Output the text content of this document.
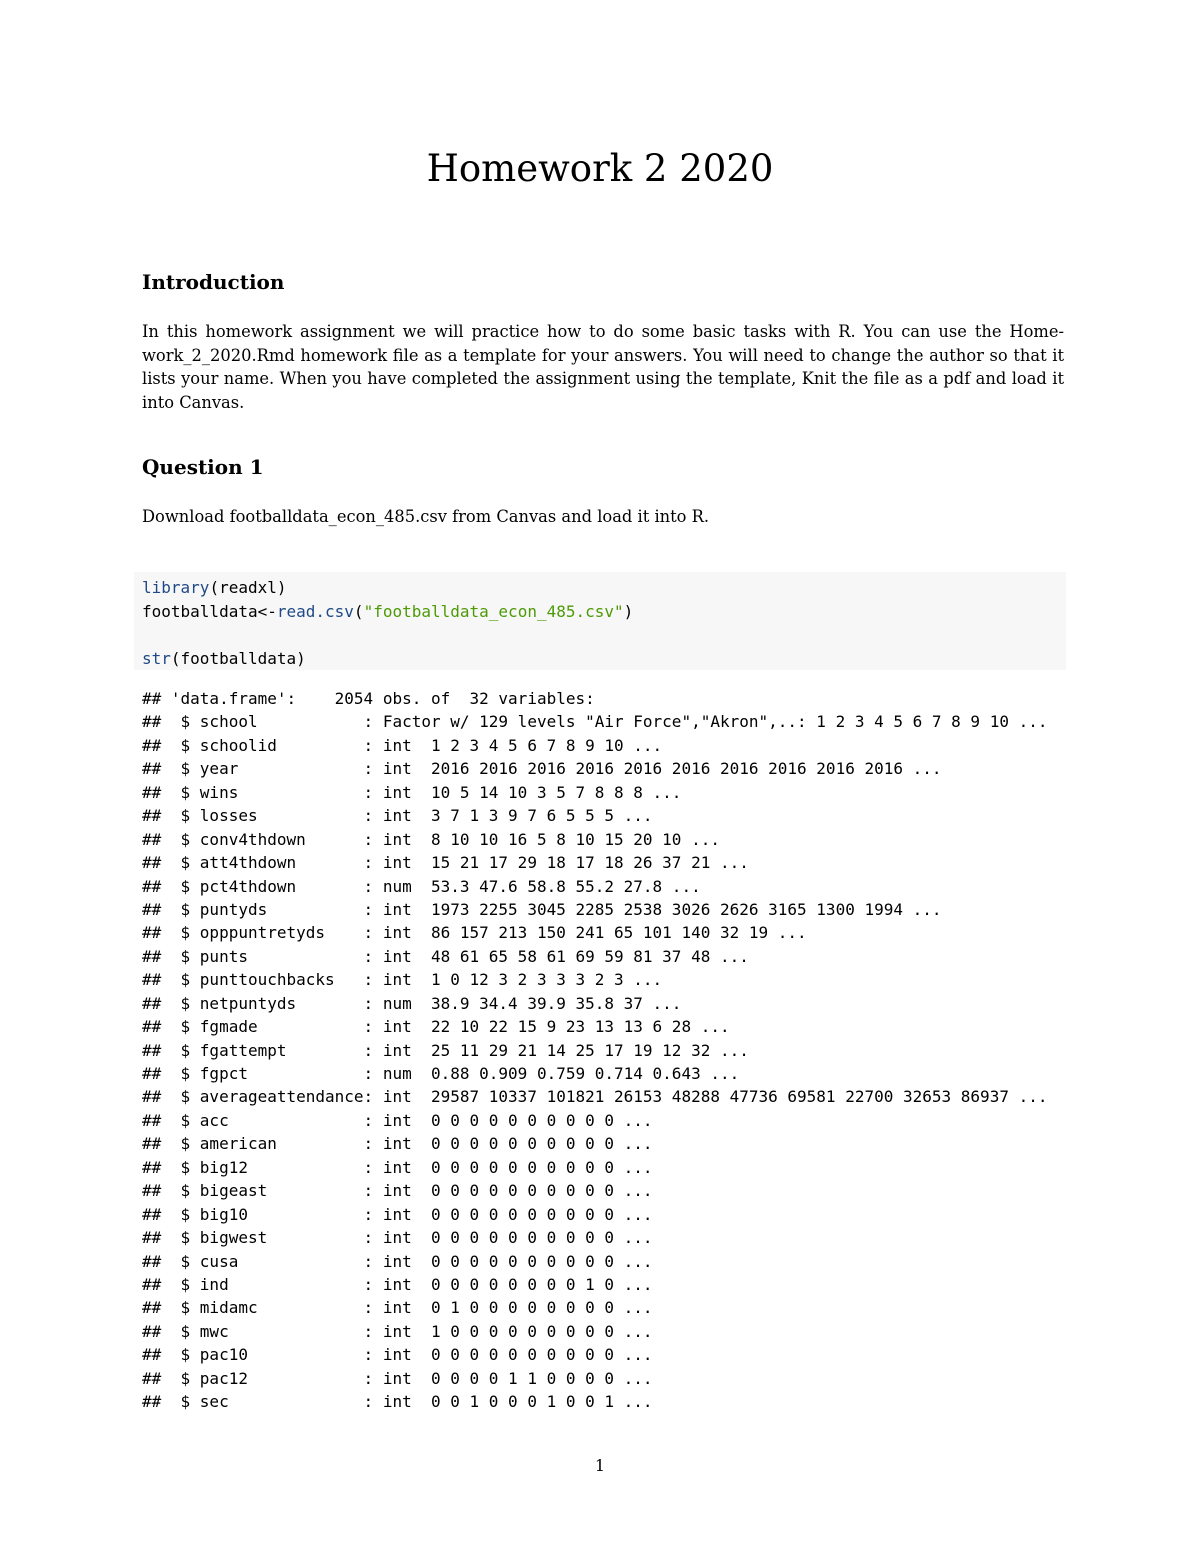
Homework 2 2020
Introduction

In this homework assignment we will practice how to do some basic tasks with R. You can use the Home-work_2_2020.Rmd homework file as a template for your answers. You will need to change the author so that it lists your name. When you have completed the assignment using the template, Knit the file as a pdf and load it into Canvas.

Question 1

Download footballdata_econ_485.csv from Canvas and load it into R.

library(readxl)
footballdata<-read.csv("footballdata_econ_485.csv")

str(footballdata)
## 'data.frame':    2054 obs. of  32 variables:
##  $ school           : Factor w/ 129 levels "Air Force","Akron",..: 1 2 3 4 5 6 7 8 9 10 ...
##  $ schoolid         : int  1 2 3 4 5 6 7 8 9 10 ...
##  $ year             : int  2016 2016 2016 2016 2016 2016 2016 2016 2016 2016 ...
##  $ wins             : int  10 5 14 10 3 5 7 8 8 8 ...
##  $ losses           : int  3 7 1 3 9 7 6 5 5 5 ...
##  $ conv4thdown      : int  8 10 10 16 5 8 10 15 20 10 ...
##  $ att4thdown       : int  15 21 17 29 18 17 18 26 37 21 ...
##  $ pct4thdown       : num  53.3 47.6 58.8 55.2 27.8 ...
##  $ puntyds          : int  1973 2255 3045 2285 2538 3026 2626 3165 1300 1994 ...
##  $ opppuntretyds    : int  86 157 213 150 241 65 101 140 32 19 ...
##  $ punts            : int  48 61 65 58 61 69 59 81 37 48 ...
##  $ punttouchbacks   : int  1 0 12 3 2 3 3 3 2 3 ...
##  $ netpuntyds       : num  38.9 34.4 39.9 35.8 37 ...
##  $ fgmade           : int  22 10 22 15 9 23 13 13 6 28 ...
##  $ fgattempt        : int  25 11 29 21 14 25 17 19 12 32 ...
##  $ fgpct            : num  0.88 0.909 0.759 0.714 0.643 ...
##  $ averageattendance: int  29587 10337 101821 26153 48288 47736 69581 22700 32653 86937 ...
##  $ acc              : int  0 0 0 0 0 0 0 0 0 0 ...
##  $ american         : int  0 0 0 0 0 0 0 0 0 0 ...
##  $ big12            : int  0 0 0 0 0 0 0 0 0 0 ...
##  $ bigeast          : int  0 0 0 0 0 0 0 0 0 0 ...
##  $ big10            : int  0 0 0 0 0 0 0 0 0 0 ...
##  $ bigwest          : int  0 0 0 0 0 0 0 0 0 0 ...
##  $ cusa             : int  0 0 0 0 0 0 0 0 0 0 ...
##  $ ind              : int  0 0 0 0 0 0 0 0 1 0 ...
##  $ midamc           : int  0 1 0 0 0 0 0 0 0 0 ...
##  $ mwc              : int  1 0 0 0 0 0 0 0 0 0 ...
##  $ pac10            : int  0 0 0 0 0 0 0 0 0 0 ...
##  $ pac12            : int  0 0 0 0 1 1 0 0 0 0 ...
##  $ sec              : int  0 0 1 0 0 0 1 0 0 1 ...

1
